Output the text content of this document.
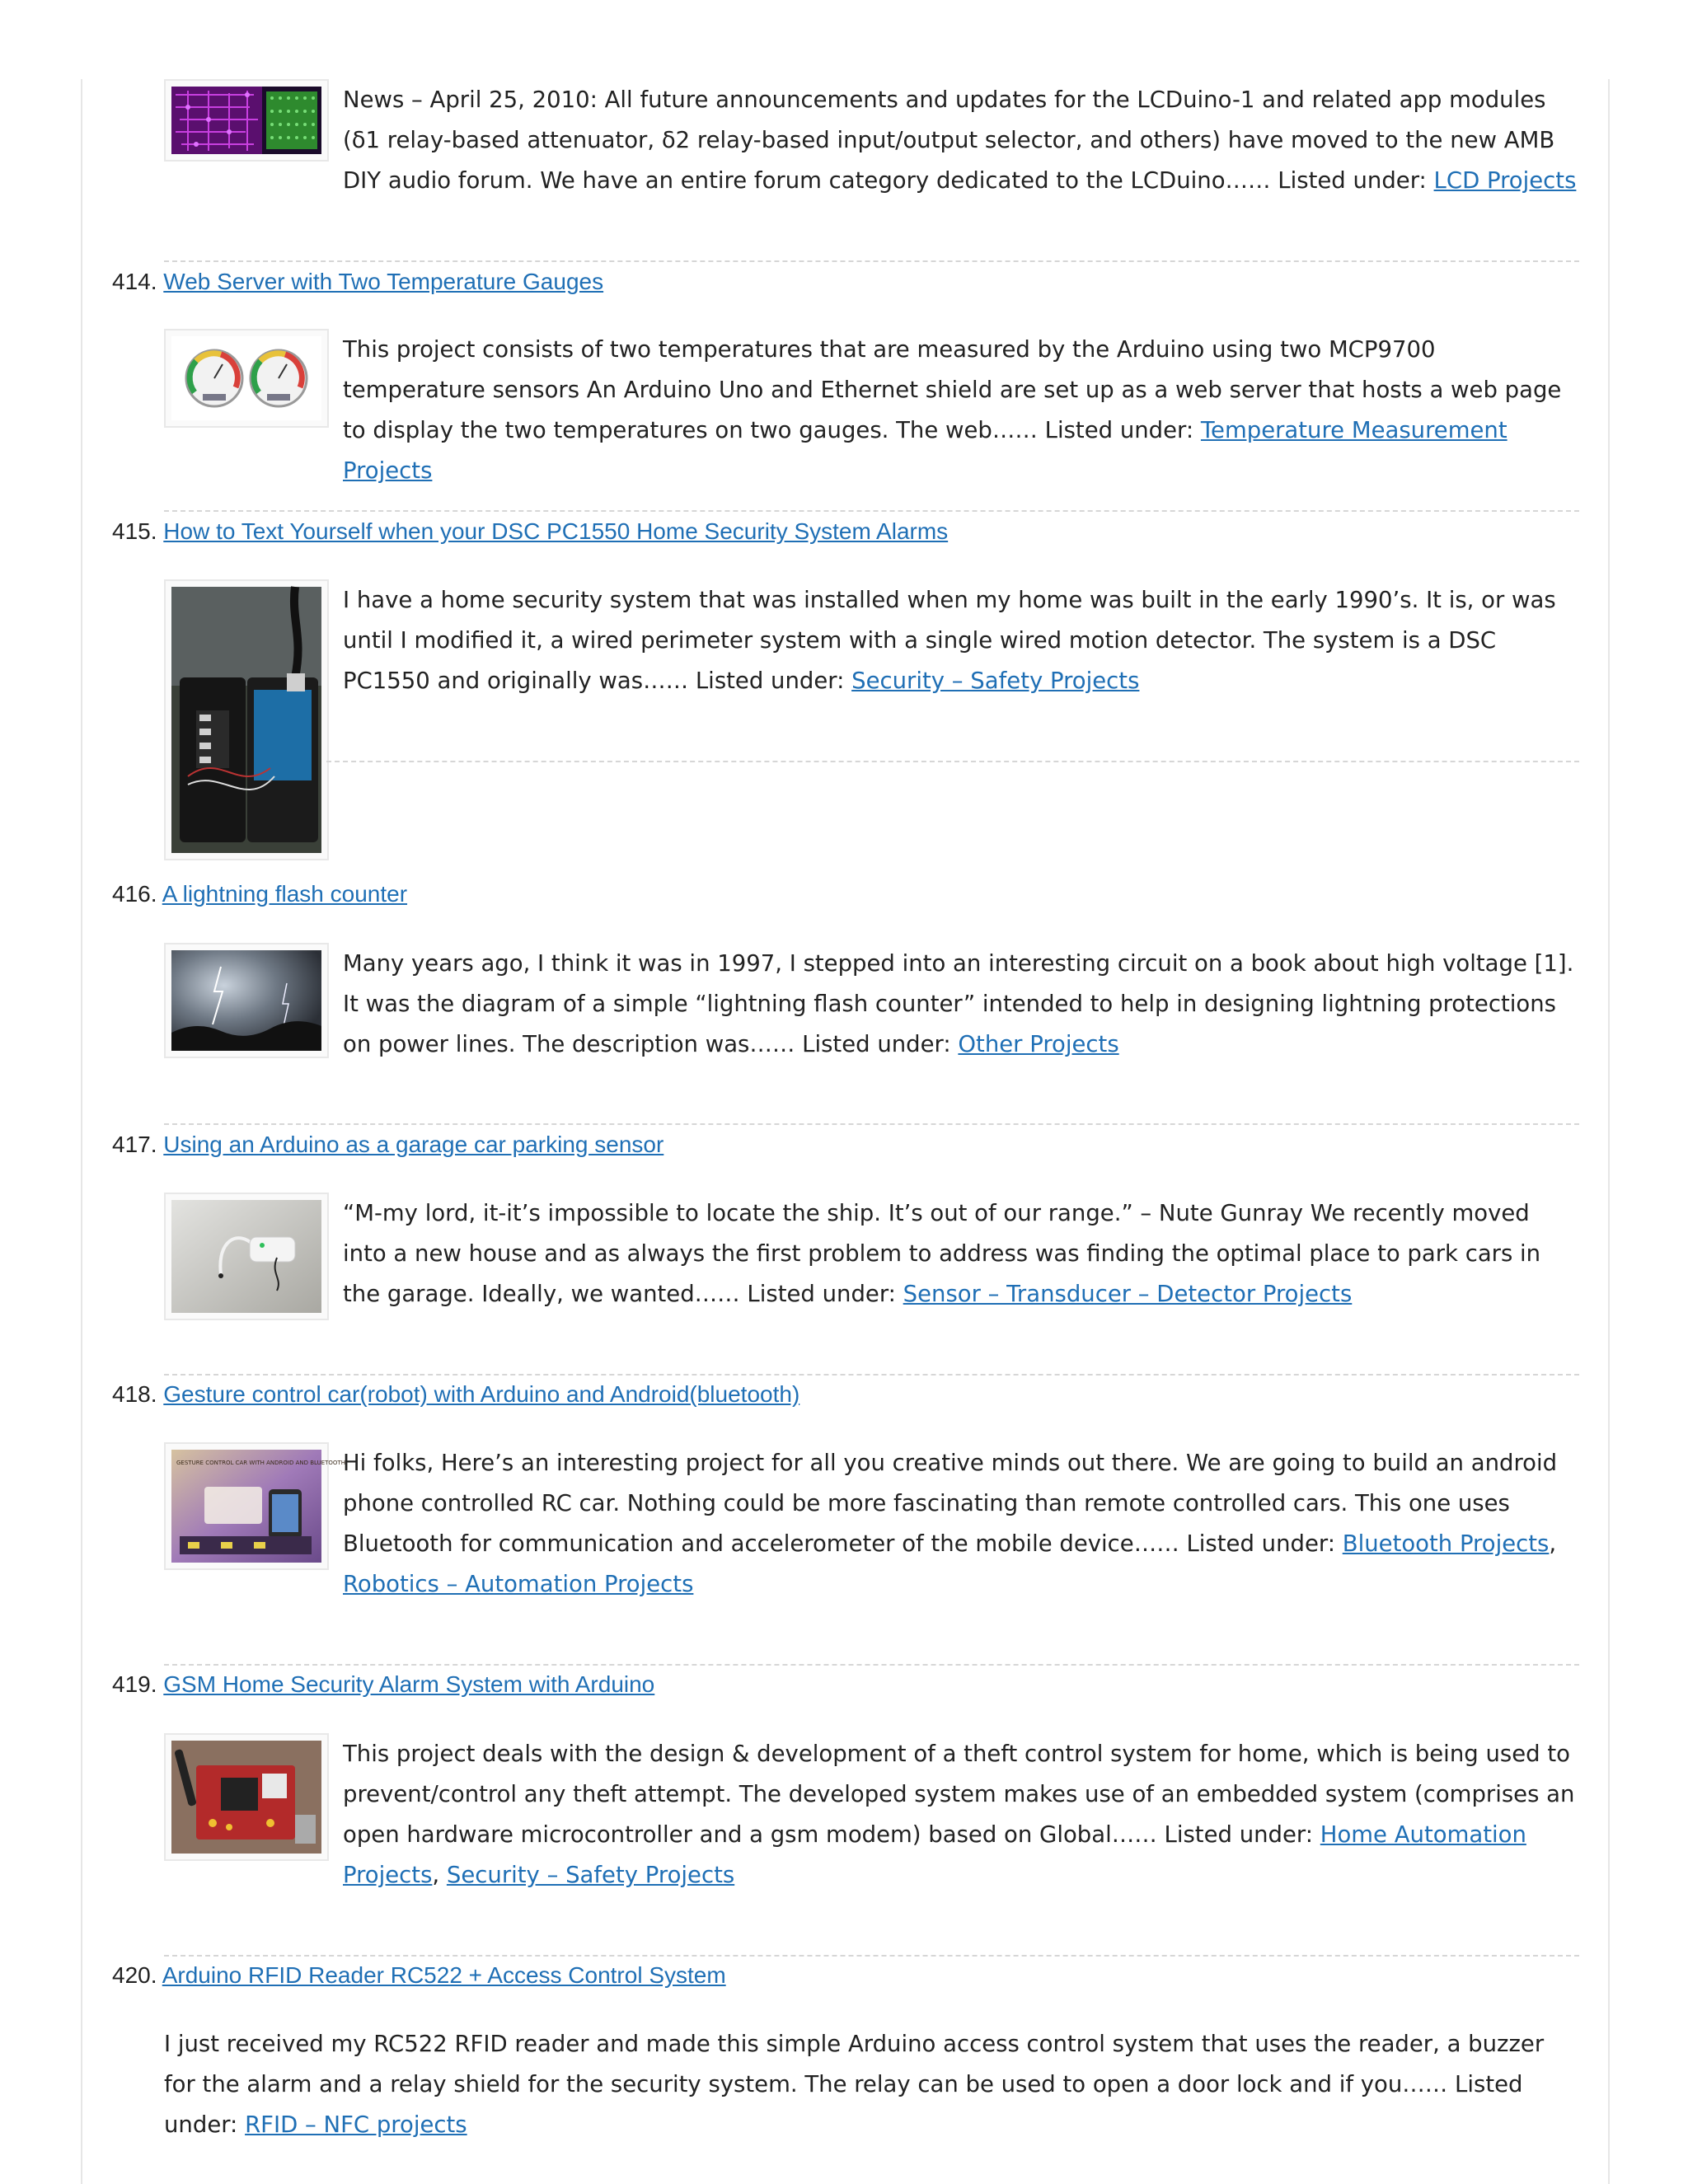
News – April 25, 2010: All future announcements and updates for the LCDuino-1 and related app modules (δ1 relay-based attenuator, δ2 relay-based input/output selector, and others) have moved to the new AMB DIY audio forum. We have an entire forum category dedicated to the LCDuino…… Listed under: LCD Projects
414. Web Server with Two Temperature Gauges
This project consists of two temperatures that are measured by the Arduino using two MCP9700 temperature sensors An Arduino Uno and Ethernet shield are set up as a web server that hosts a web page to display the two temperatures on two gauges. The web…… Listed under: Temperature Measurement Projects
415. How to Text Yourself when your DSC PC1550 Home Security System Alarms
I have a home security system that was installed when my home was built in the early 1990’s. It is, or was until I modified it, a wired perimeter system with a single wired motion detector. The system is a DSC PC1550 and originally was…… Listed under: Security – Safety Projects
416. A lightning flash counter
Many years ago, I think it was in 1997, I stepped into an interesting circuit on a book about high voltage [1]. It was the diagram of a simple “lightning flash counter” intended to help in designing lightning protections on power lines. The description was…… Listed under: Other Projects
417. Using an Arduino as a garage car parking sensor
“M-my lord, it-it’s impossible to locate the ship. It’s out of our range.” – Nute Gunray We recently moved into a new house and as always the first problem to address was finding the optimal place to park cars in the garage. Ideally, we wanted…… Listed under: Sensor – Transducer – Detector Projects
418. Gesture control car(robot) with Arduino and Android(bluetooth)
GESTURE CONTROL CAR WITH ANDROID AND BLUETOOTH
Hi folks, Here’s an interesting project for all you creative minds out there. We are going to build an android phone controlled RC car. Nothing could be more fascinating than remote controlled cars. This one uses Bluetooth for communication and accelerometer of the mobile device…… Listed under: Bluetooth Projects, Robotics – Automation Projects
419. GSM Home Security Alarm System with Arduino
This project deals with the design & development of a theft control system for home, which is being used to prevent/control any theft attempt. The developed system makes use of an embedded system (comprises an open hardware microcontroller and a gsm modem) based on Global…… Listed under: Home Automation Projects, Security – Safety Projects
420. Arduino RFID Reader RC522 + Access Control System
I just received my RC522 RFID reader and made this simple Arduino access control system that uses the reader, a buzzer for the alarm and a relay shield for the security system. The relay can be used to open a door lock and if you…… Listed under: RFID – NFC projects
